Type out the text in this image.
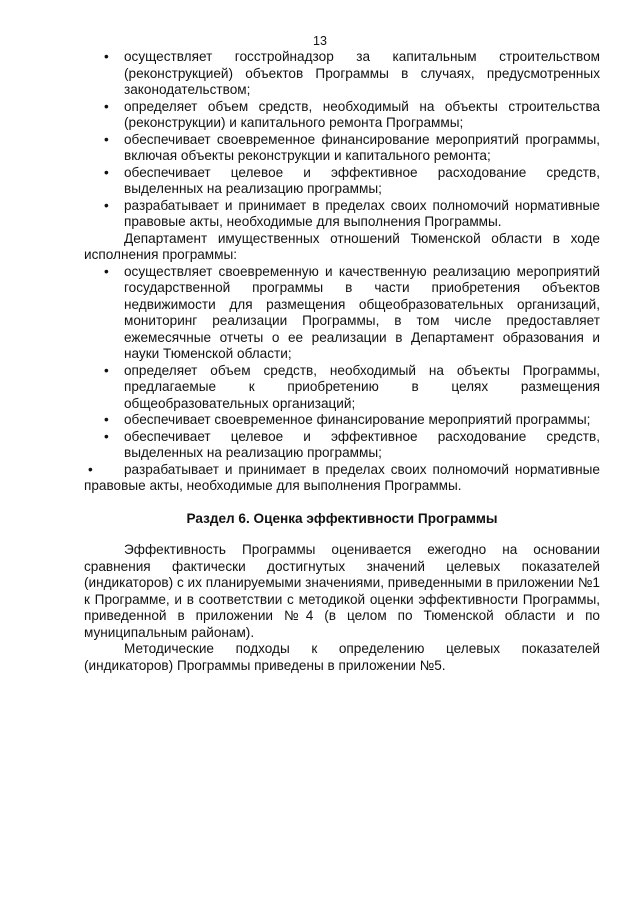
13
• осуществляет госстройнадзор за капитальным строительством (реконструкцией) объектов Программы в случаях, предусмотренных законодательством;
• определяет объем средств, необходимый на объекты строительства (реконструкции) и капитального ремонта Программы;
• обеспечивает своевременное финансирование мероприятий программы, включая объекты реконструкции и капитального ремонта;
• обеспечивает целевое и эффективное расходование средств, выделенных на реализацию программы;
• разрабатывает и принимает в пределах своих полномочий нормативные правовые акты, необходимые для выполнения Программы.
Департамент имущественных отношений Тюменской области в ходе исполнения программы:
• осуществляет своевременную и качественную реализацию мероприятий государственной программы в части приобретения объектов недвижимости для размещения общеобразовательных организаций, мониторинг реализации Программы, в том числе предоставляет ежемесячные отчеты о ее реализации в Департамент образования и науки Тюменской области;
• определяет объем средств, необходимый на объекты Программы, предлагаемые к приобретению в целях размещения общеобразовательных организаций;
• обеспечивает своевременное финансирование мероприятий программы;
• обеспечивает целевое и эффективное расходование средств, выделенных на реализацию программы;
• разрабатывает и принимает в пределах своих полномочий нормативные правовые акты, необходимые для выполнения Программы.
Раздел 6. Оценка эффективности Программы
Эффективность Программы оценивается ежегодно на основании сравнения фактически достигнутых значений целевых показателей (индикаторов) с их планируемыми значениями, приведенными в приложении №1 к Программе, и в соответствии с методикой оценки эффективности Программы, приведенной в приложении №4 (в целом по Тюменской области и по муниципальным районам).
Методические подходы к определению целевых показателей (индикаторов) Программы приведены в приложении №5.
